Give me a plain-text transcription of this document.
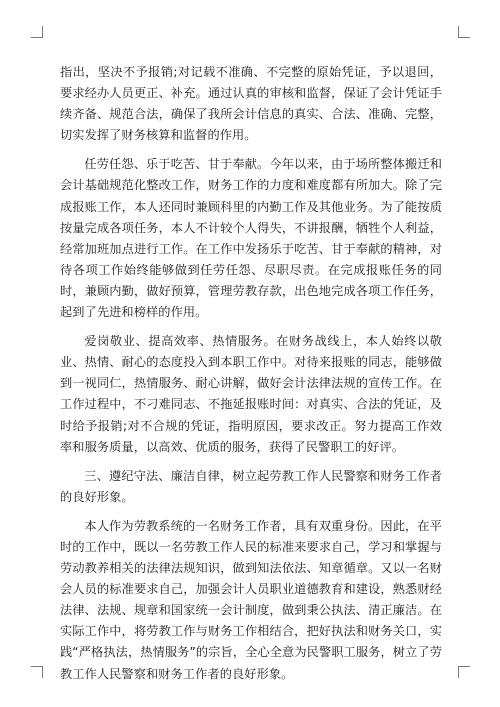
指出，坚决不予报销;对记载不准确、不完整的原始凭证，予以退回，要求经办人员更正、补充。通过认真的审核和监督，保证了会计凭证手续齐备、规范合法，确保了我所会计信息的真实、合法、准确、完整，切实发挥了财务核算和监督的作用。

任劳任怨、乐于吃苦、甘于奉献。今年以来，由于场所整体搬迁和会计基础规范化整改工作，财务工作的力度和难度都有所加大。除了完成报账工作，本人还同时兼顾科里的内勤工作及其他业务。为了能按质按量完成各项任务，本人不计较个人得失，不讲报酬，牺牲个人利益，经常加班加点进行工作。在工作中发扬乐于吃苦、甘于奉献的精神，对待各项工作始终能够做到任劳任怨、尽职尽责。在完成报账任务的同时，兼顾内勤，做好预算，管理劳教存款，出色地完成各项工作任务，起到了先进和榜样的作用。

爱岗敬业、提高效率、热情服务。在财务战线上，本人始终以敬业、热情、耐心的态度投入到本职工作中。对待来报账的同志，能够做到一视同仁，热情服务、耐心讲解，做好会计法律法规的宣传工作。在工作过程中，不刁难同志、不拖延报账时间：对真实、合法的凭证，及时给予报销;对不合规的凭证，指明原因，要求改正。努力提高工作效率和服务质量，以高效、优质的服务，获得了民警职工的好评。

三、遵纪守法、廉洁自律，树立起劳教工作人民警察和财务工作者的良好形象。

本人作为劳教系统的一名财务工作者，具有双重身份。因此，在平时的工作中，既以一名劳教工作人民的标准来要求自己，学习和掌握与劳动教养相关的法律法规知识，做到知法依法、知章循章。又以一名财会人员的标准要求自己，加强会计人员职业道德教育和建设，熟悉财经法律、法规、规章和国家统一会计制度，做到秉公执法、清正廉洁。在实际工作中，将劳教工作与财务工作相结合，把好执法和财务关口，实践“严格执法，热情服务”的宗旨，全心全意为民警职工服务，树立了劳教工作人民警察和财务工作者的良好形象。
